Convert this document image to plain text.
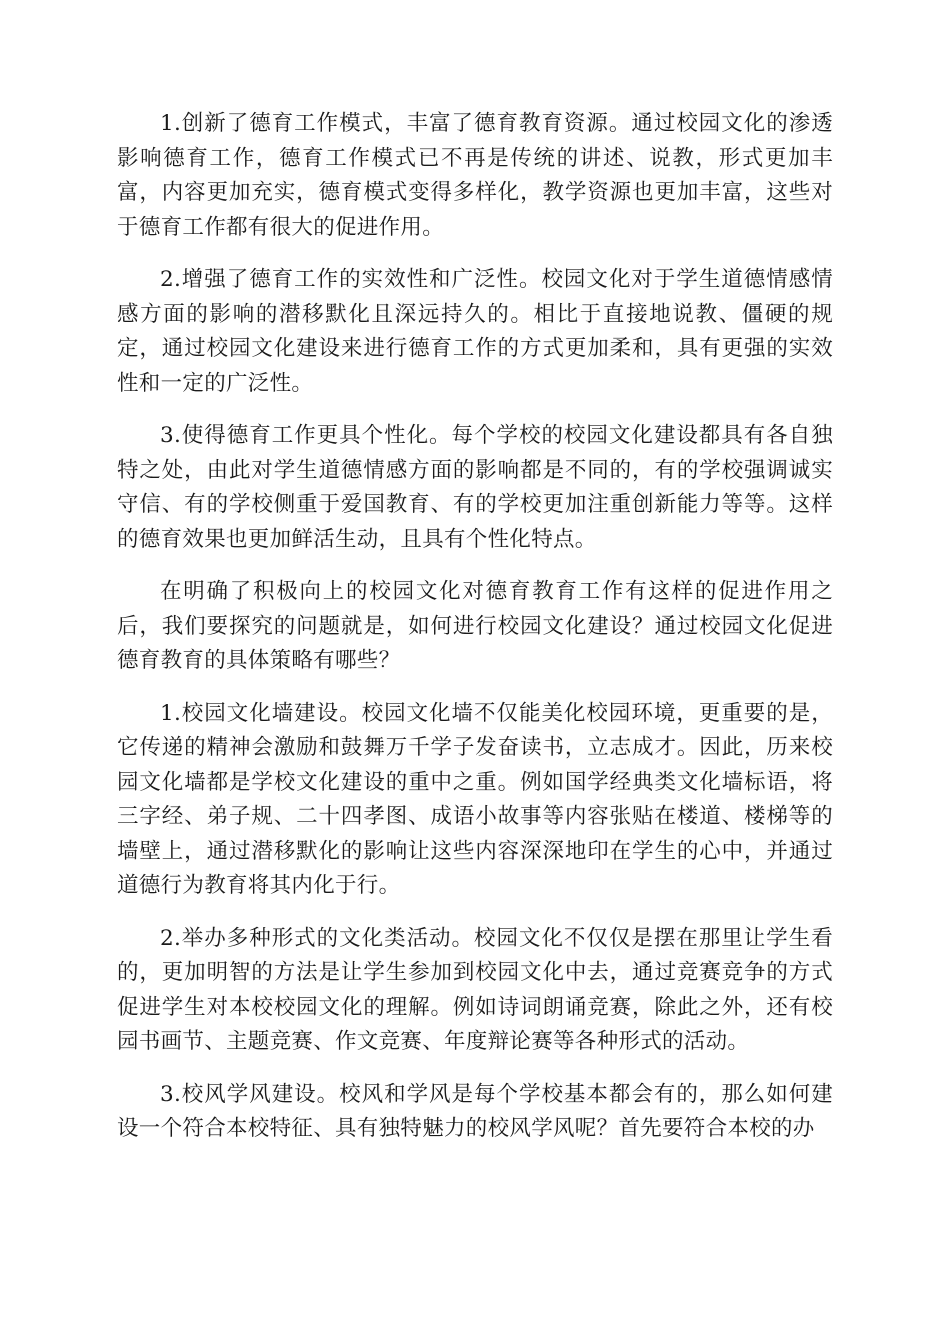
1.创新了德育工作模式，丰富了德育教育资源。通过校园文化的渗透影响德育工作，德育工作模式已不再是传统的讲述、说教，形式更加丰富，内容更加充实，德育模式变得多样化，教学资源也更加丰富，这些对于德育工作都有很大的促进作用。

2.增强了德育工作的实效性和广泛性。校园文化对于学生道德情感情感方面的影响的潜移默化且深远持久的。相比于直接地说教、僵硬的规定，通过校园文化建设来进行德育工作的方式更加柔和，具有更强的实效性和一定的广泛性。

3.使得德育工作更具个性化。每个学校的校园文化建设都具有各自独特之处，由此对学生道德情感方面的影响都是不同的，有的学校强调诚实守信、有的学校侧重于爱国教育、有的学校更加注重创新能力等等。这样的德育效果也更加鲜活生动，且具有个性化特点。

在明确了积极向上的校园文化对德育教育工作有这样的促进作用之后，我们要探究的问题就是，如何进行校园文化建设？通过校园文化促进德育教育的具体策略有哪些？

1.校园文化墙建设。校园文化墙不仅能美化校园环境，更重要的是，它传递的精神会激励和鼓舞万千学子发奋读书，立志成才。因此，历来校园文化墙都是学校文化建设的重中之重。例如国学经典类文化墙标语，将三字经、弟子规、二十四孝图、成语小故事等内容张贴在楼道、楼梯等的墙壁上，通过潜移默化的影响让这些内容深深地印在学生的心中，并通过道德行为教育将其内化于行。

2.举办多种形式的文化类活动。校园文化不仅仅是摆在那里让学生看的，更加明智的方法是让学生参加到校园文化中去，通过竞赛竞争的方式促进学生对本校校园文化的理解。例如诗词朗诵竞赛，除此之外，还有校园书画节、主题竞赛、作文竞赛、年度辩论赛等各种形式的活动。

3.校风学风建设。校风和学风是每个学校基本都会有的，那么如何建设一个符合本校特征、具有独特魅力的校风学风呢？首先要符合本校的办
